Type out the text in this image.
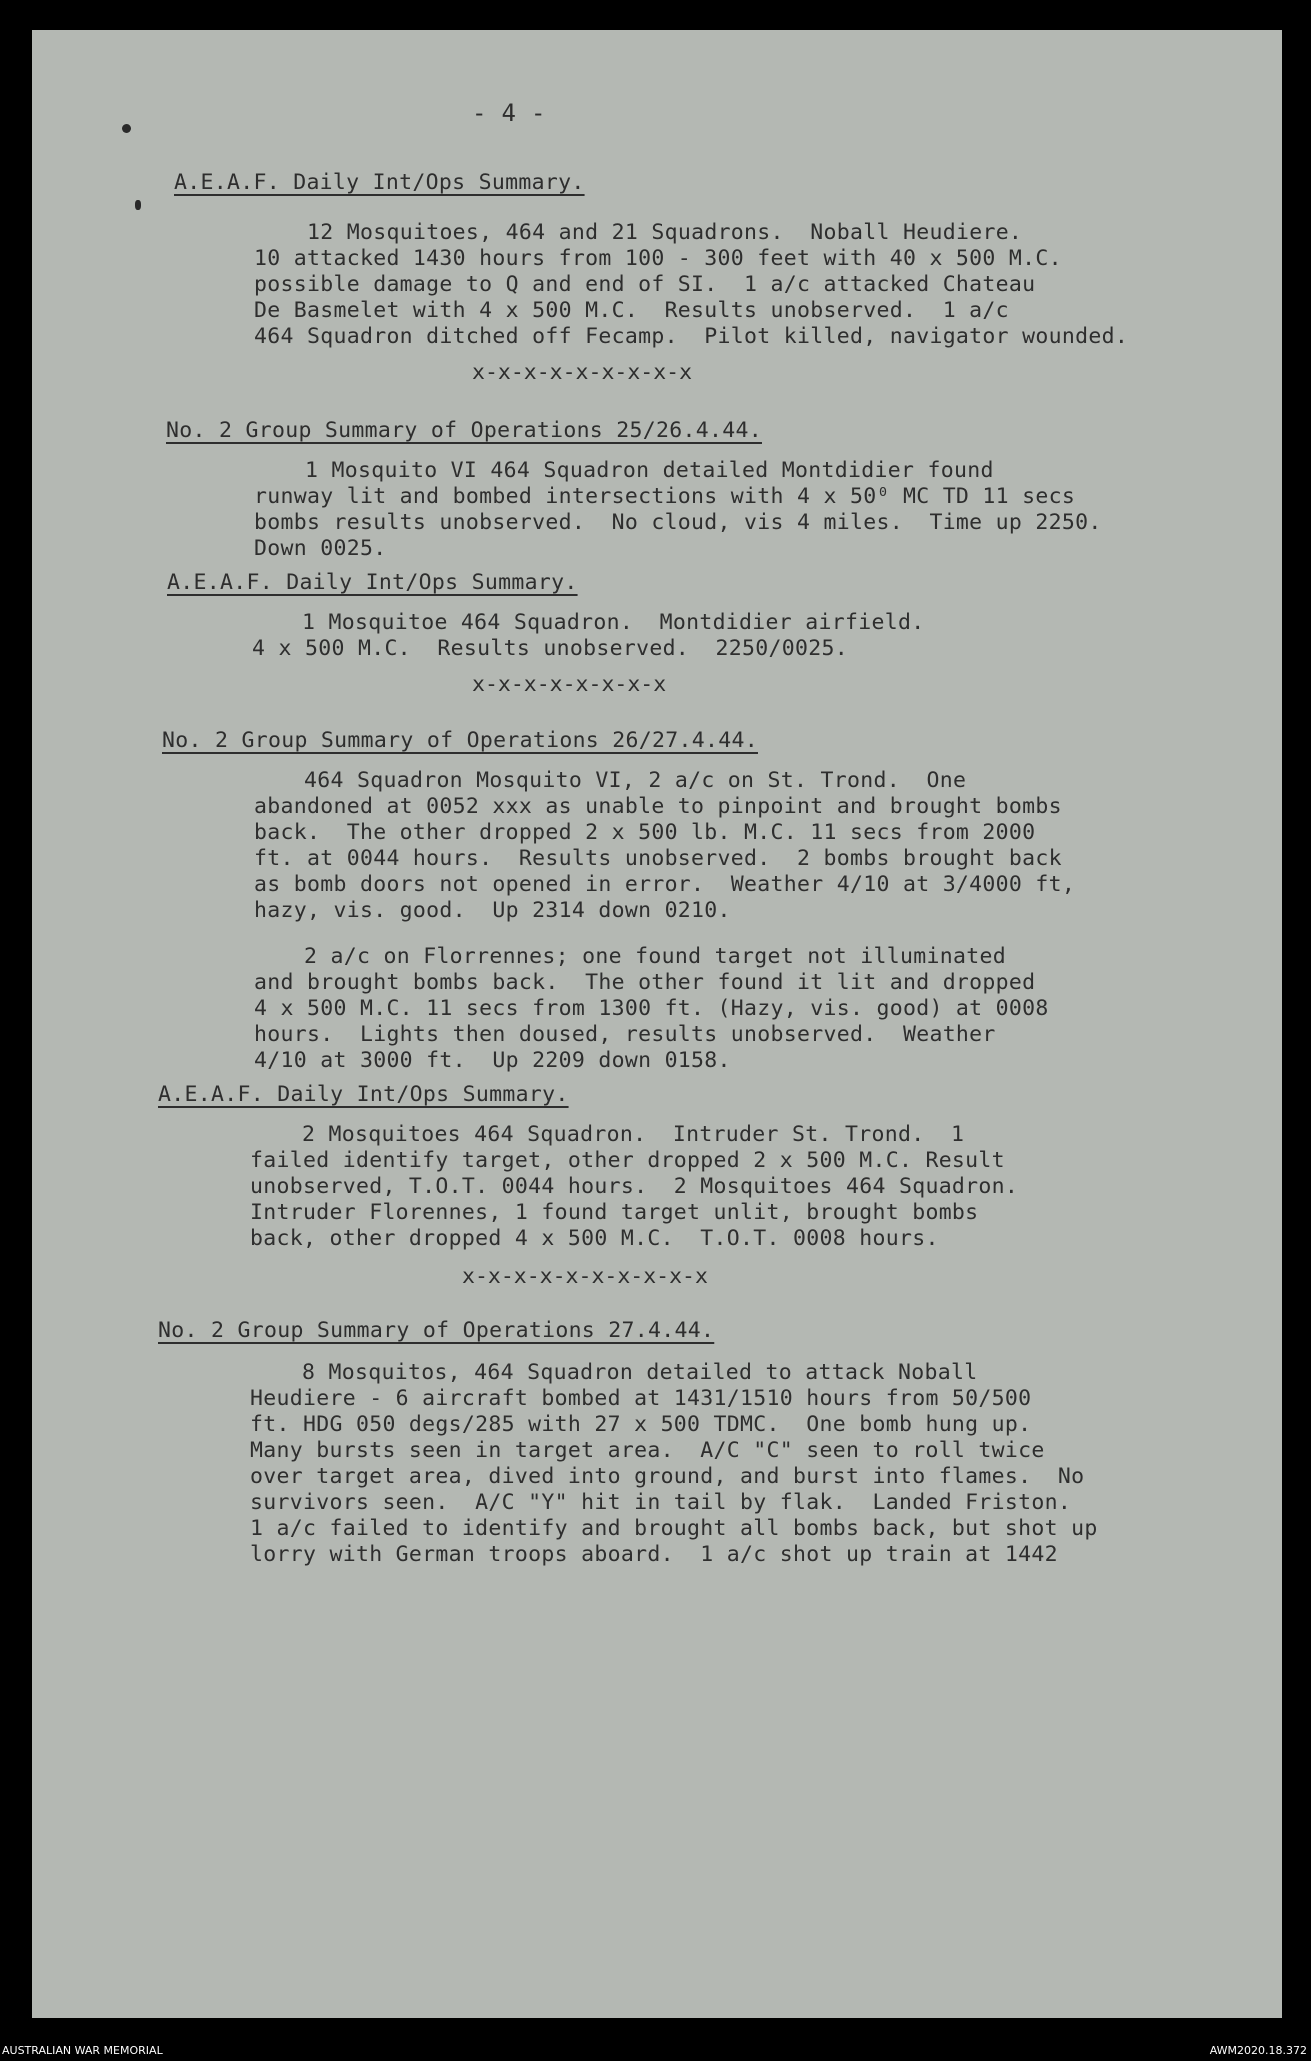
- 4 -
A.E.A.F. Daily Int/Ops Summary.
12 Mosquitoes, 464 and 21 Squadrons.  Noball Heudiere.
10 attacked 1430 hours from 100 - 300 feet with 40 x 500 M.C.
possible damage to Q and end of SI.  1 a/c attacked Chateau
De Basmelet with 4 x 500 M.C.  Results unobserved.  1 a/c
464 Squadron ditched off Fecamp.  Pilot killed, navigator wounded.
x-x-x-x-x-x-x-x-x
No. 2 Group Summary of Operations 25/26.4.44.
1 Mosquito VI 464 Squadron detailed Montdidier found
runway lit and bombed intersections with 4 x 50⁰ MC TD 11 secs
bombs results unobserved.  No cloud, vis 4 miles.  Time up 2250.
Down 0025.
A.E.A.F. Daily Int/Ops Summary.
1 Mosquitoe 464 Squadron.  Montdidier airfield.
4 x 500 M.C.  Results unobserved.  2250/0025.
x-x-x-x-x-x-x-x
No. 2 Group Summary of Operations 26/27.4.44.
464 Squadron Mosquito VI, 2 a/c on St. Trond.  One
abandoned at 0052 xxx as unable to pinpoint and brought bombs
back.  The other dropped 2 x 500 lb. M.C. 11 secs from 2000
ft. at 0044 hours.  Results unobserved.  2 bombs brought back
as bomb doors not opened in error.  Weather 4/10 at 3/4000 ft,
hazy, vis. good.  Up 2314 down 0210.
2 a/c on Florrennes; one found target not illuminated
and brought bombs back.  The other found it lit and dropped
4 x 500 M.C. 11 secs from 1300 ft. (Hazy, vis. good) at 0008
hours.  Lights then doused, results unobserved.  Weather
4/10 at 3000 ft.  Up 2209 down 0158.
A.E.A.F. Daily Int/Ops Summary.
2 Mosquitoes 464 Squadron.  Intruder St. Trond.  1
failed identify target, other dropped 2 x 500 M.C. Result
unobserved, T.O.T. 0044 hours.  2 Mosquitoes 464 Squadron.
Intruder Florennes, 1 found target unlit, brought bombs
back, other dropped 4 x 500 M.C.  T.O.T. 0008 hours.
x-x-x-x-x-x-x-x-x-x
No. 2 Group Summary of Operations 27.4.44.
8 Mosquitos, 464 Squadron detailed to attack Noball
Heudiere - 6 aircraft bombed at 1431/1510 hours from 50/500
ft. HDG 050 degs/285 with 27 x 500 TDMC.  One bomb hung up.
Many bursts seen in target area.  A/C "C" seen to roll twice
over target area, dived into ground, and burst into flames.  No
survivors seen.  A/C "Y" hit in tail by flak.  Landed Friston.
1 a/c failed to identify and brought all bombs back, but shot up
lorry with German troops aboard.  1 a/c shot up train at 1442
AUSTRALIAN WAR MEMORIAL	AWM2020.18.372
